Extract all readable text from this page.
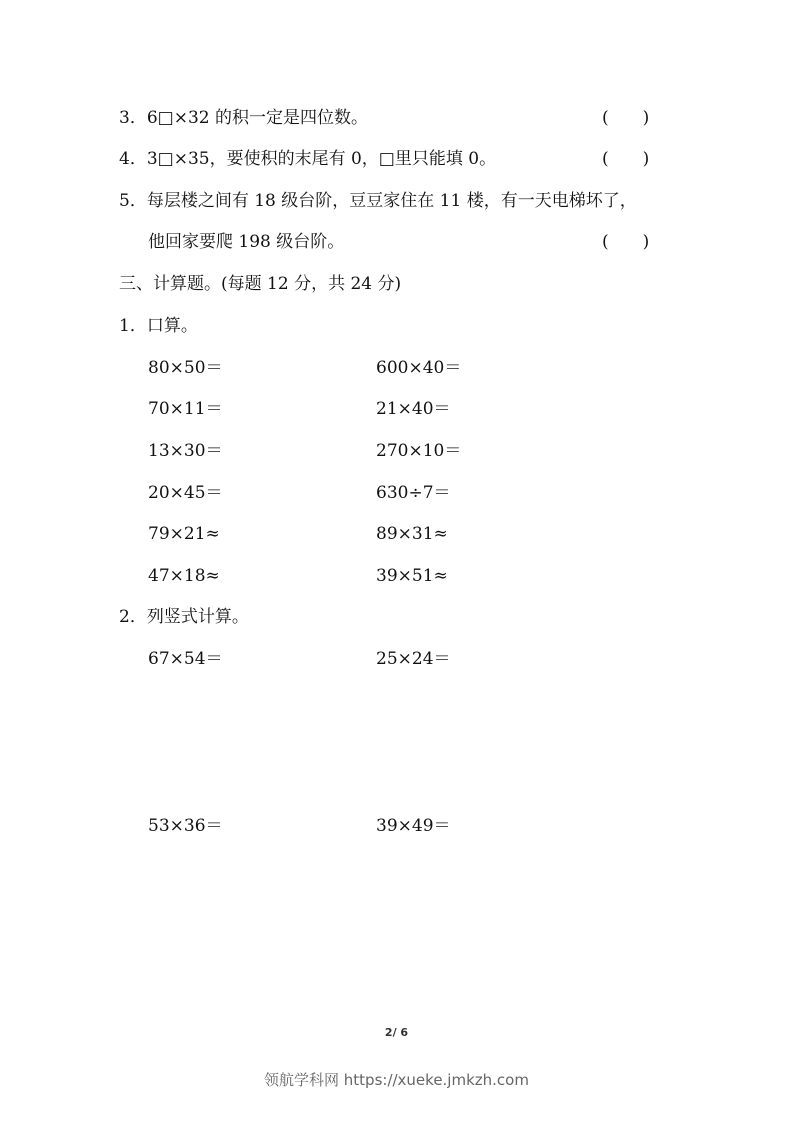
3．6□×32 的积一定是四位数。	(　　)
4．3□×35，要使积的末尾有 0，□里只能填 0。	(　　)
5．每层楼之间有 18 级台阶，豆豆家住在 11 楼，有一天电梯坏了，
他回家要爬 198 级台阶。	(　　)
三、计算题。(每题 12 分，共 24 分)
1．口算。
80×50＝	600×40＝
70×11＝	21×40＝
13×30＝	270×10＝
20×45＝	630÷7＝
79×21≈	89×31≈
47×18≈	39×51≈
2．列竖式计算。
67×54＝	25×24＝
53×36＝	39×49＝
2/ 6
领航学科网 https://xueke.jmkzh.com
